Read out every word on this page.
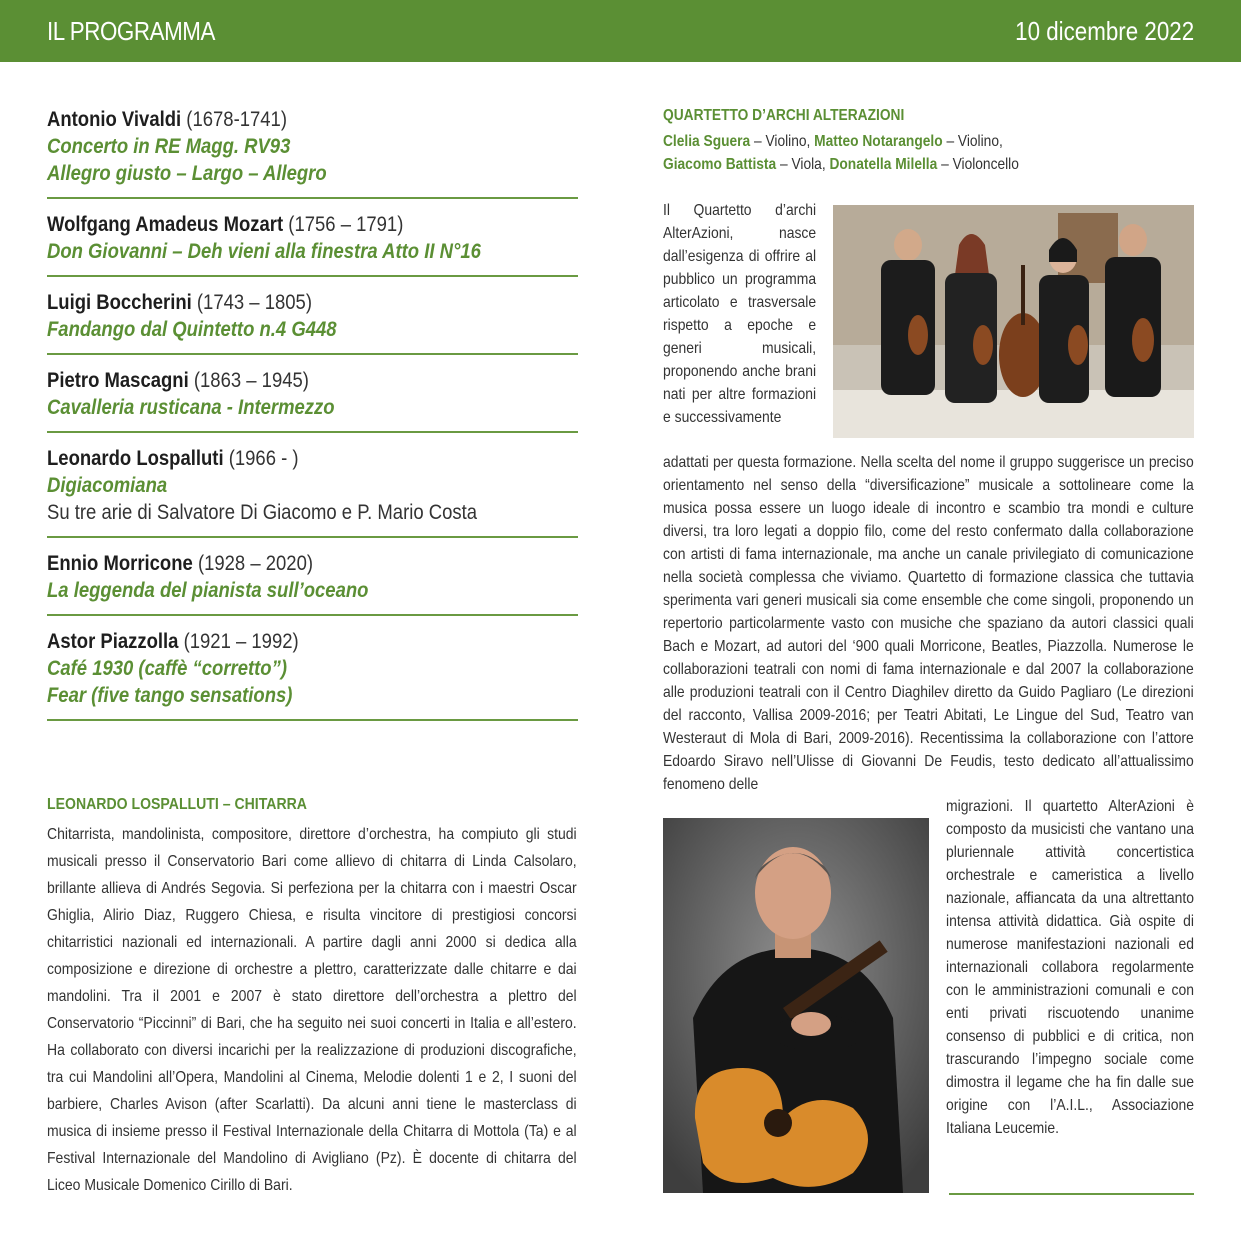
IL PROGRAMMA	10 dicembre 2022
Antonio Vivaldi (1678-1741)
Concerto in RE Magg. RV93
Allegro giusto – Largo – Allegro
Wolfgang Amadeus Mozart (1756 – 1791)
Don Giovanni – Deh vieni alla finestra Atto II N°16
Luigi Boccherini (1743 – 1805)
Fandango dal Quintetto n.4 G448
Pietro Mascagni (1863 – 1945)
Cavalleria rusticana - Intermezzo
Leonardo Lospalluti (1966 - )
Digiacomiana
Su tre arie di Salvatore Di Giacomo e P. Mario Costa
Ennio Morricone (1928 – 2020)
La leggenda del pianista sull’oceano
Astor Piazzolla (1921 – 1992)
Café 1930 (caffè “corretto”)
Fear (five tango sensations)
LEONARDO LOSPALLUTI – CHITARRA
Chitarrista, mandolinista, compositore, direttore d’orchestra, ha compiuto gli studi musicali presso il Conservatorio Bari come allievo di chitarra di Linda Calsolaro, brillante allieva di Andrés Segovia. Si perfeziona per la chitarra con i maestri Oscar Ghiglia, Alirio Diaz, Ruggero Chiesa, e risulta vincitore di prestigiosi concorsi chitarristici nazionali ed internazionali. A partire dagli anni 2000 si dedica alla composizione e direzione di orchestre a plettro, caratterizzate dalle chitarre e dai mandolini. Tra il 2001 e 2007 è stato direttore dell’orchestra a plettro del Conservatorio “Piccinni” di Bari, che ha seguito nei suoi concerti in Italia e all’estero. Ha collaborato con diversi incarichi per la realizzazione di produzioni discografiche, tra cui Mandolini all’Opera, Mandolini al Cinema, Melodie dolenti 1 e 2, I suoni del barbiere, Charles Avison (after Scarlatti). Da alcuni anni tiene le masterclass di musica di insieme presso il Festival Internazionale della Chitarra di Mottola (Ta) e al Festival Internazionale del Mandolino di Avigliano (Pz). È docente di chitarra del Liceo Musicale Domenico Cirillo di Bari.
QUARTETTO D’ARCHI ALTERAZIONI
Clelia Sguera – Violino, Matteo Notarangelo – Violino,
Giacomo Battista – Viola, Donatella Milella – Violoncello
Il Quartetto d’archi AlterAzioni, nasce dall’esigenza di offrire al pubblico un programma articolato e trasversale rispetto a epoche e generi musicali, proponendo anche brani nati per altre formazioni e successivamente
adattati per questa formazione. Nella scelta del nome il gruppo suggerisce un preciso orientamento nel senso della “diversificazione” musicale a sottolineare come la musica possa essere un luogo ideale di incontro e scambio tra mondi e culture diversi, tra loro legati a doppio filo, come del resto confermato dalla collaborazione con artisti di fama internazionale, ma anche un canale privilegiato di comunicazione nella società complessa che viviamo. Quartetto di formazione classica che tuttavia sperimenta vari generi musicali sia come ensemble che come singoli, proponendo un repertorio particolarmente vasto con musiche che spaziano da autori classici quali Bach e Mozart, ad autori del ‘900 quali Morricone, Beatles, Piazzolla. Numerose le collaborazioni teatrali con nomi di fama internazionale e dal 2007 la collaborazione alle produzioni teatrali con il Centro Diaghilev diretto da Guido Pagliaro (Le direzioni del racconto, Vallisa 2009-2016; per Teatri Abitati, Le Lingue del Sud, Teatro van Westeraut di Mola di Bari, 2009-2016). Recentissima la collaborazione con l’attore Edoardo Siravo nell’Ulisse di Giovanni De Feudis, testo dedicato all’attualissimo fenomeno delle
migrazioni. Il quartetto AlterAzioni è composto da musicisti che vantano una pluriennale attività concertistica orchestrale e cameristica a livello nazionale, affiancata da una altrettanto intensa attività didattica. Già ospite di numerose manifestazioni nazionali ed internazionali collabora regolarmente con le amministrazioni comunali e con enti privati riscuotendo unanime consenso di pubblici e di critica, non trascurando l’impegno sociale come dimostra il legame che ha fin dalle sue origine con l’A.I.L., Associazione Italiana Leucemie.
